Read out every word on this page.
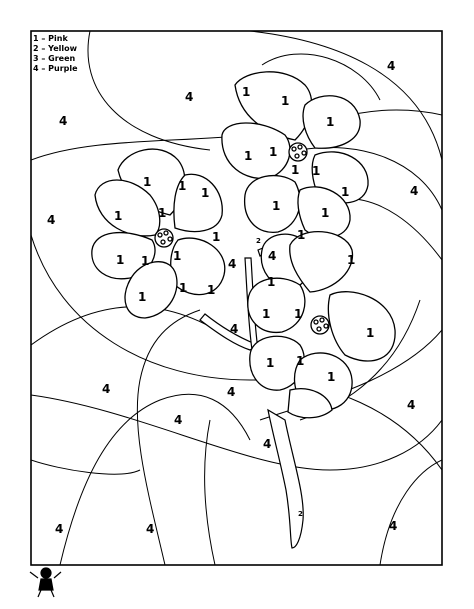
1 – Pink
2 – Yellow
3 – Green
4 – Purple
4
4
4
4
4
4
4
4
4	4
4
4
4
4	4	4
1
1
1
1 1
1 1
1
1	1
1 1 1
1	1
1
1 1 1
1 1
1
1
1
1
1 1
1
1 1
1
2
2
